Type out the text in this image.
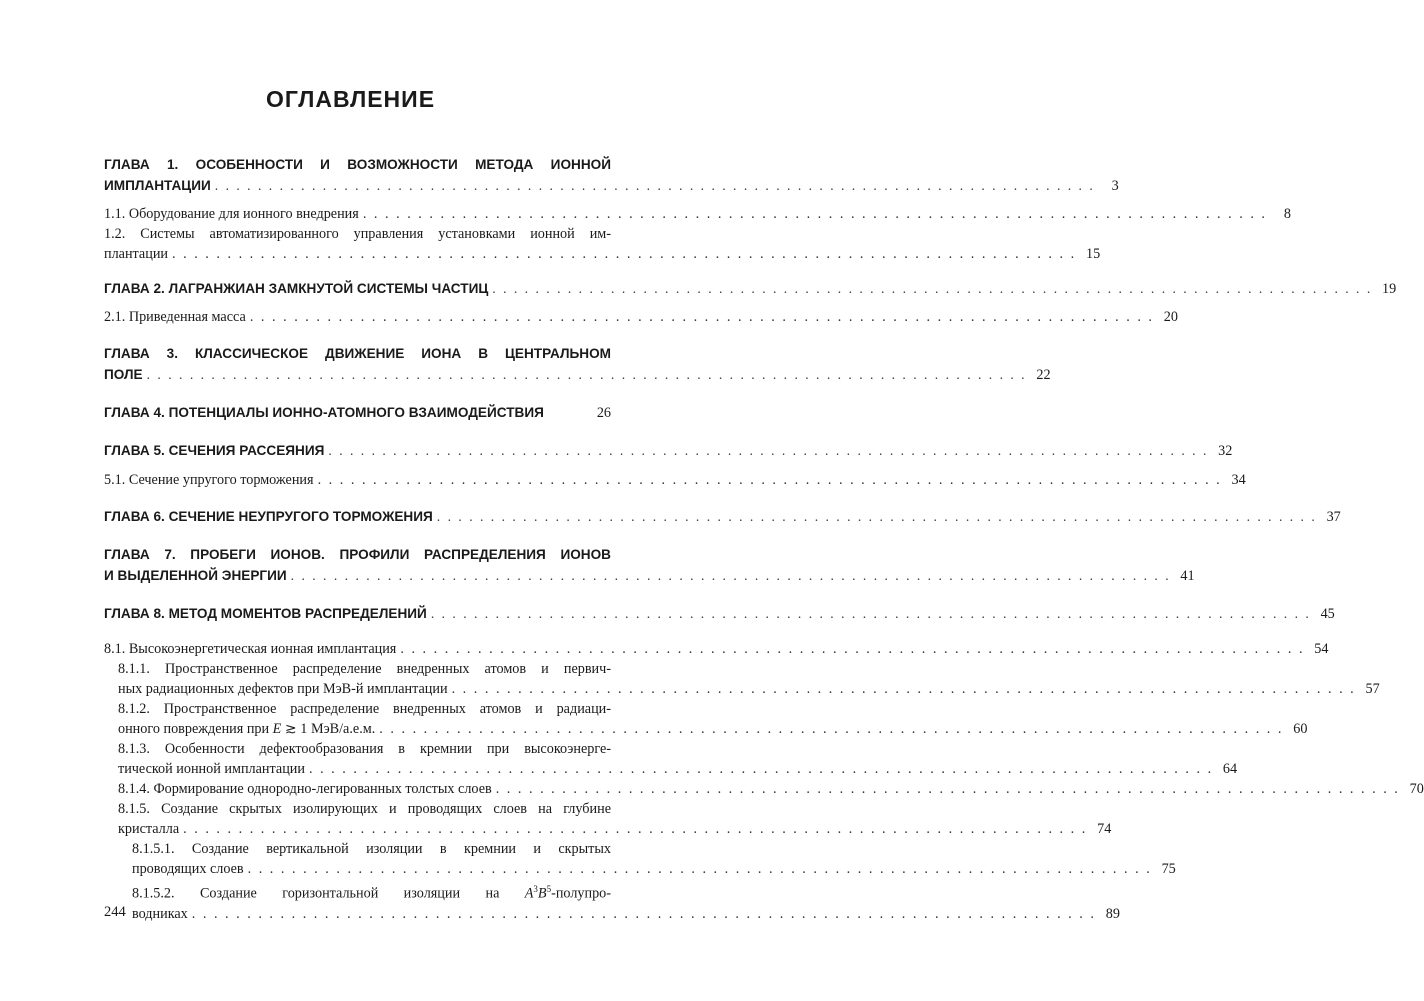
ОГЛАВЛЕНИЕ
ГЛАВА 1. ОСОБЕННОСТИ И ВОЗМОЖНОСТИ МЕТОДА ИОННОЙ
ИМПЛАНТАЦИИ . . . . . . . . . . . . . . . . . . . . . . . . . . . . . . . . . . . . . . . . . . . . . . . . . . . . . . . . . . . . . . . . . . . . . . . . . . . . . . . . . .	3
1.1. Оборудование для ионного внедрения . . . . . . . . . . . . . . . . . . . . . . . . . . . . . . . . . . . . . . . . . . . . . . . . . . . . . . . . . . . . . . . . . . . . . . . . . . . . . . . . . .	8
1.2. Системы автоматизированного управления установками ионной им-
плантации . . . . . . . . . . . . . . . . . . . . . . . . . . . . . . . . . . . . . . . . . . . . . . . . . . . . . . . . . . . . . . . . . . . . . . . . . . . . . . . . . . 15
ГЛАВА 2. ЛАГРАНЖИАН ЗАМКНУТОЙ СИСТЕМЫ ЧАСТИЦ . . . . . . . . . . . . . . . . . . . . . . . . . . . . . . . . . . . . . . . . . . . . . . . . . . . . . . . . . . . . . . . . . . . . . . . . . . . . . . . . . . 19
2.1. Приведенная масса . . . . . . . . . . . . . . . . . . . . . . . . . . . . . . . . . . . . . . . . . . . . . . . . . . . . . . . . . . . . . . . . . . . . . . . . . . . . . . . . . . 20
ГЛАВА 3. КЛАССИЧЕСКОЕ ДВИЖЕНИЕ ИОНА В ЦЕНТРАЛЬНОМ
ПОЛЕ . . . . . . . . . . . . . . . . . . . . . . . . . . . . . . . . . . . . . . . . . . . . . . . . . . . . . . . . . . . . . . . . . . . . . . . . . . . . . . . . . . 22
ГЛАВА 4. ПОТЕНЦИАЛЫ ИОННО-АТОМНОГО ВЗАИМОДЕЙСТВИЯ	26
ГЛАВА 5. СЕЧЕНИЯ РАССЕЯНИЯ . . . . . . . . . . . . . . . . . . . . . . . . . . . . . . . . . . . . . . . . . . . . . . . . . . . . . . . . . . . . . . . . . . . . . . . . . . . . . . . . . . 32
5.1. Сечение упругого торможения . . . . . . . . . . . . . . . . . . . . . . . . . . . . . . . . . . . . . . . . . . . . . . . . . . . . . . . . . . . . . . . . . . . . . . . . . . . . . . . . . . 34
ГЛАВА 6. СЕЧЕНИЕ НЕУПРУГОГО ТОРМОЖЕНИЯ . . . . . . . . . . . . . . . . . . . . . . . . . . . . . . . . . . . . . . . . . . . . . . . . . . . . . . . . . . . . . . . . . . . . . . . . . . . . . . . . . . 37
ГЛАВА 7. ПРОБЕГИ ИОНОВ. ПРОФИЛИ РАСПРЕДЕЛЕНИЯ ИОНОВ
И ВЫДЕЛЕННОЙ ЭНЕРГИИ . . . . . . . . . . . . . . . . . . . . . . . . . . . . . . . . . . . . . . . . . . . . . . . . . . . . . . . . . . . . . . . . . . . . . . . . . . . . . . . . . . 41
ГЛАВА 8. МЕТОД МОМЕНТОВ РАСПРЕДЕЛЕНИЙ . . . . . . . . . . . . . . . . . . . . . . . . . . . . . . . . . . . . . . . . . . . . . . . . . . . . . . . . . . . . . . . . . . . . . . . . . . . . . . . . . . 45
8.1. Высокоэнергетическая ионная имплантация . . . . . . . . . . . . . . . . . . . . . . . . . . . . . . . . . . . . . . . . . . . . . . . . . . . . . . . . . . . . . . . . . . . . . . . . . . . . . . . . . . 54
8.1.1. Пространственное распределение внедренных атомов и первич-
ных радиационных дефектов при МэВ-й имплантации . . . . . . . . . . . . . . . . . . . . . . . . . . . . . . . . . . . . . . . . . . . . . . . . . . . . . . . . . . . . . . . . . . . . . . . . . . . . . . . . . . 57
8.1.2. Пространственное распределение внедренных атомов и радиаци-
онного повреждения при E ≳ 1 МэВ/а.е.м. . . . . . . . . . . . . . . . . . . . . . . . . . . . . . . . . . . . . . . . . . . . . . . . . . . . . . . . . . . . . . . . . . . . . . . . . . . . . . . . . . . 60
8.1.3. Особенности дефектообразования в кремнии при высокоэнерге-
тической ионной имплантации . . . . . . . . . . . . . . . . . . . . . . . . . . . . . . . . . . . . . . . . . . . . . . . . . . . . . . . . . . . . . . . . . . . . . . . . . . . . . . . . . . 64
8.1.4. Формирование однородно-легированных толстых слоев . . . . . . . . . . . . . . . . . . . . . . . . . . . . . . . . . . . . . . . . . . . . . . . . . . . . . . . . . . . . . . . . . . . . . . . . . . . . . . . . . . 70
8.1.5. Создание скрытых изолирующих и проводящих слоев на глубине
кристалла . . . . . . . . . . . . . . . . . . . . . . . . . . . . . . . . . . . . . . . . . . . . . . . . . . . . . . . . . . . . . . . . . . . . . . . . . . . . . . . . . . 74
8.1.5.1. Создание вертикальной изоляции в кремнии и скрытых
проводящих слоев . . . . . . . . . . . . . . . . . . . . . . . . . . . . . . . . . . . . . . . . . . . . . . . . . . . . . . . . . . . . . . . . . . . . . . . . . . . . . . . . . . 75
8.1.5.2. Создание горизонтальной изоляции на $A^3B^5-полупро-$
водниках . . . . . . . . . . . . . . . . . . . . . . . . . . . . . . . . . . . . . . . . . . . . . . . . . . . . . . . . . . . . . . . . . . . . . . . . . . . . . . . . . . 89
244
